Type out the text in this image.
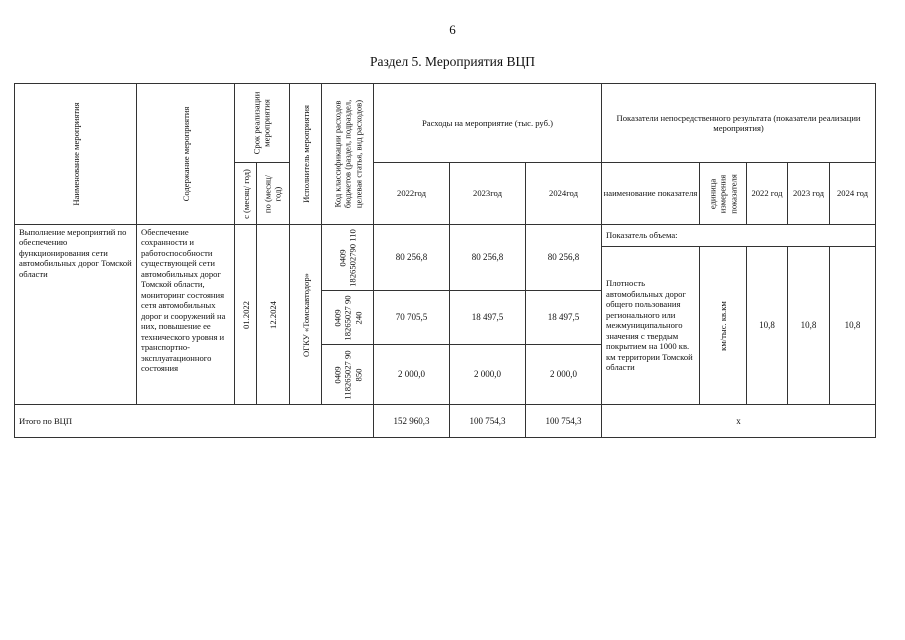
6
Раздел 5. Мероприятия ВЦП
Наименование мероприятия	Содержание мероприятия	Срок реализации мероприятия		Исполнитель мероприятия	Код классификации расходов бюджетов (раздел, подраздел, целевая статья, вид расходов)	Расходы на мероприятие (тыс. руб.)			Показатели непосредственного результата (показатели реализации мероприятия)				

		с (месяц/ год)	по (месяц/ год)			2022год	2023год	2024год	наименование показателя	единица измерения показателя	2022 год	2023 год	2024 год
Выполнение мероприятий по обеспечению функционирования сети автомобильных дорог Томской области	Обеспечение сохранности и работоспособности существующей сети автомобильных дорог Томской области, мониторинг состояния сетя автомобильных дорог и сооружений на них, повышение ее технического уровня и транспортно-эксплуатационного состояния	01.2022	12.2024	ОГКУ «Томскавтодор»	0409 1826502790 110	80 256,8	80 256,8	80 256,8	Показатель объема:				
									Плотность автомобильных дорог общего пользования регионального или межмуниципального значения с твердым покрытием на 1000 кв. км территории Томской области	км/тыс. кв.км	10,8	10,8	10,8

					0409 18265027 90 240	70 705,5	18 497,5	18 497,5					

					0409 118265027 90 850	2 000,0	2 000,0	2 000,0					
Итого по ВЦП						152 960,3	100 754,3	100 754,3	x				
